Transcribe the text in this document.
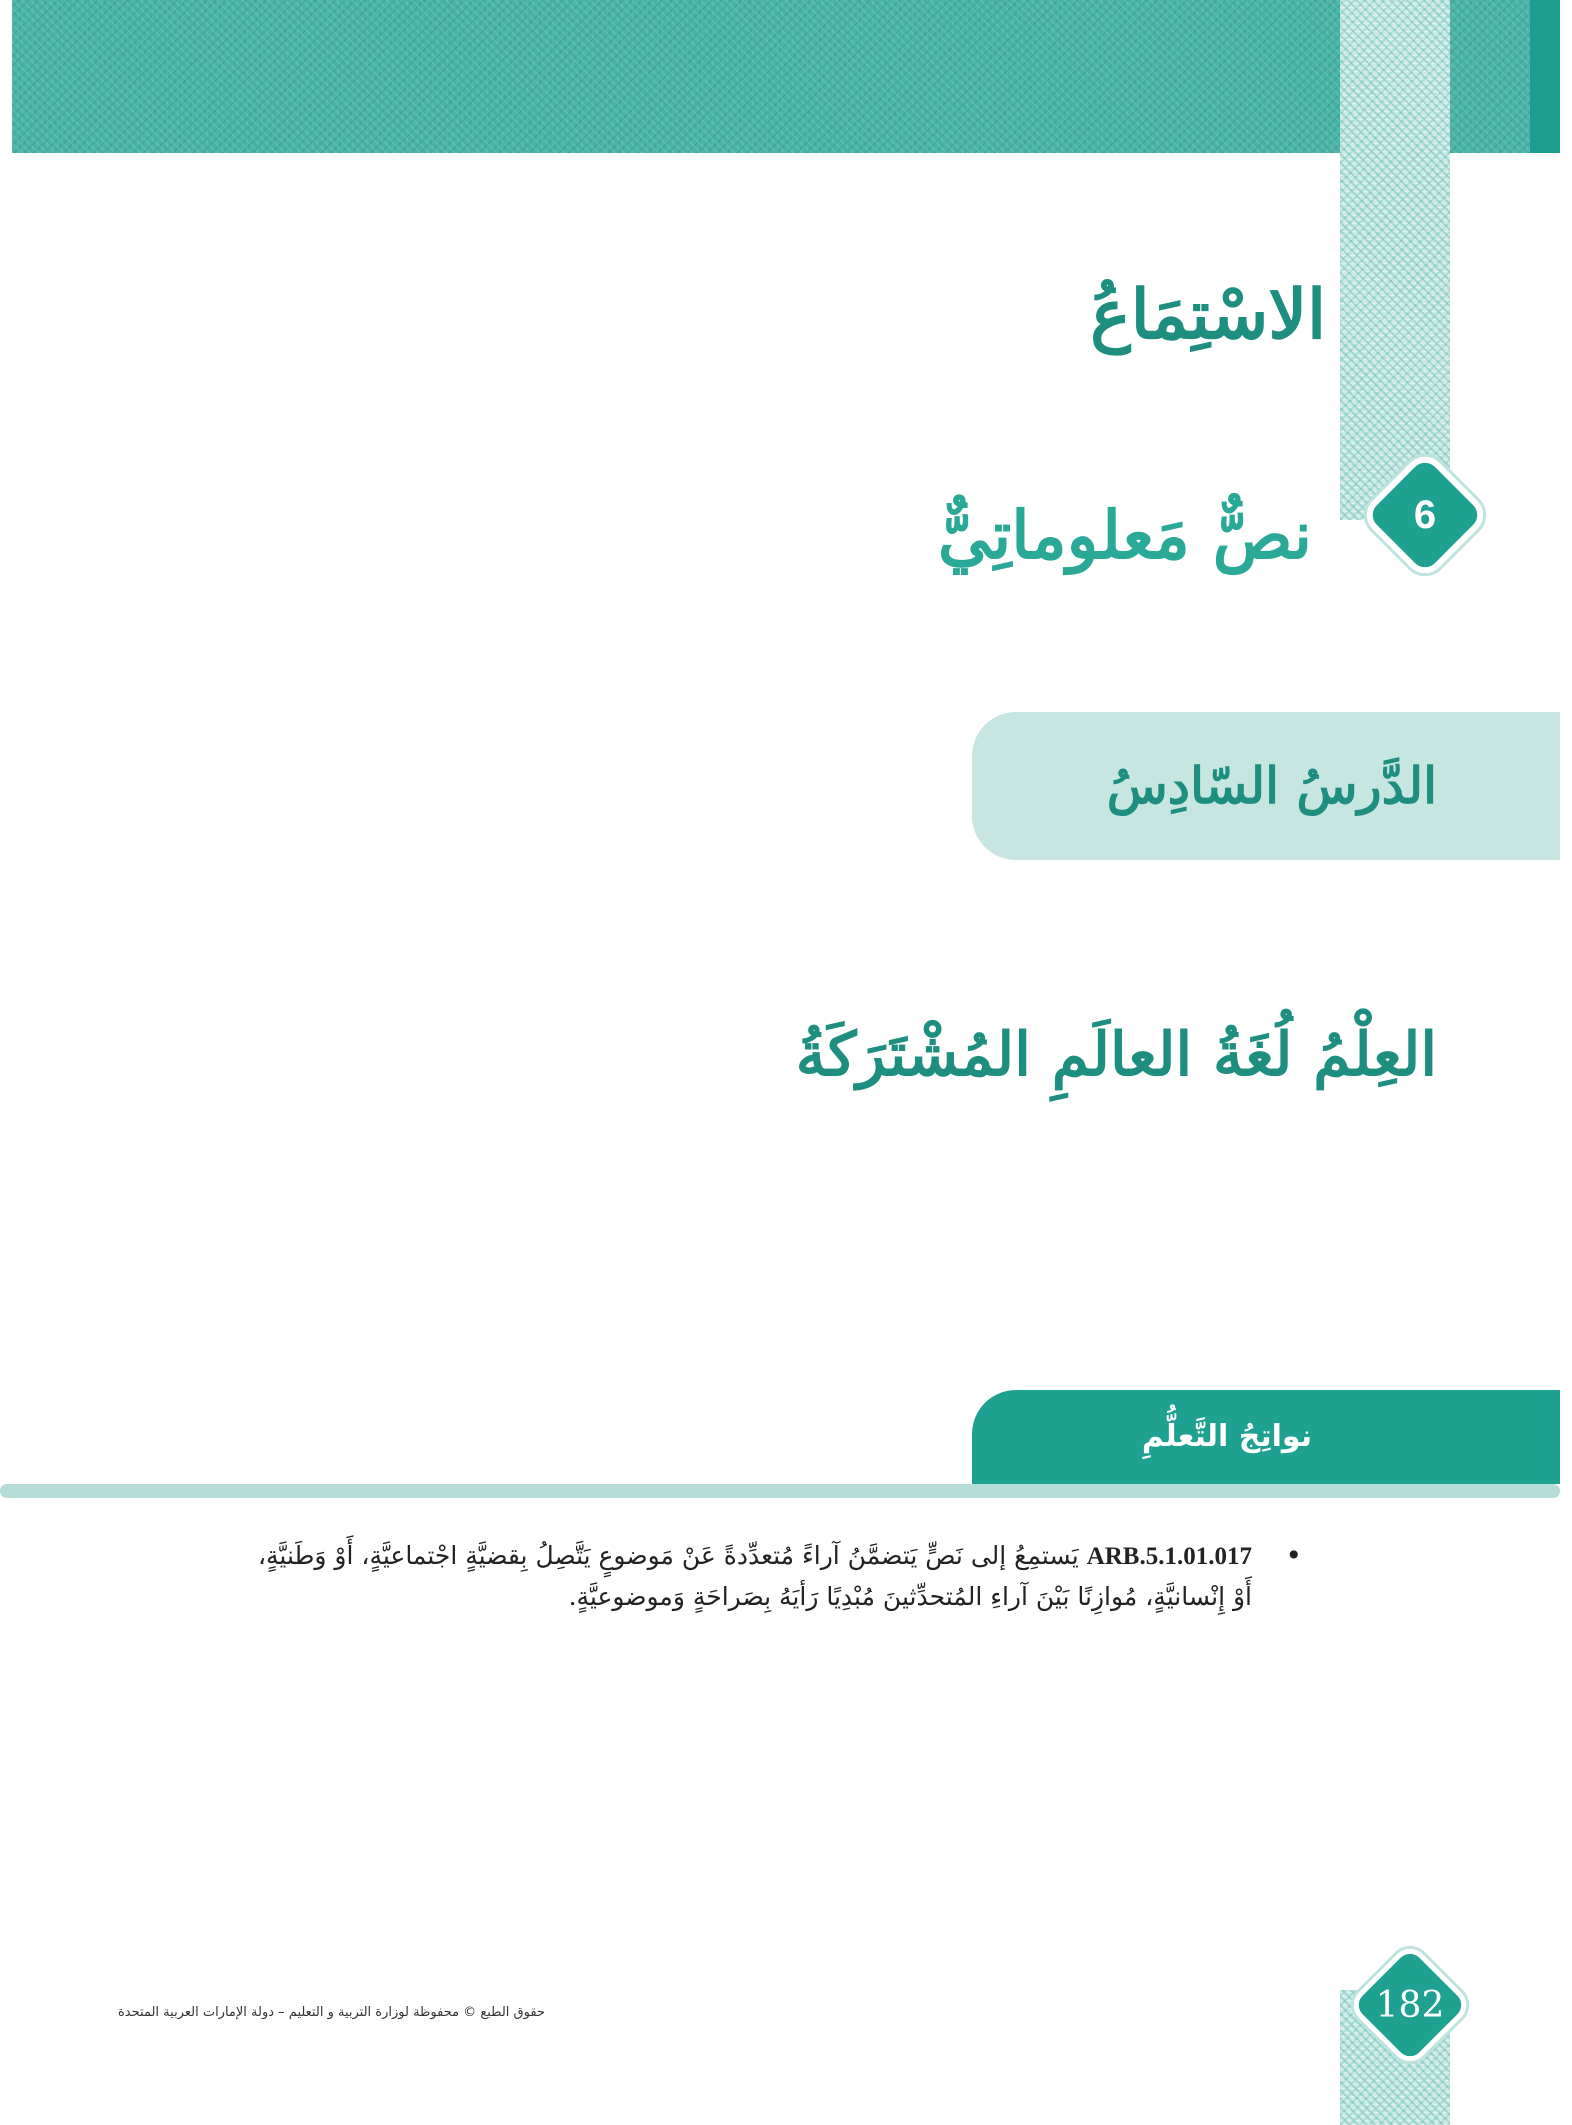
الاسْتِمَاعُ
6
نصٌّ مَعلوماتِيٌّ
الدَّرسُ السّادِسُ
العِلْمُ لُغَةُ العالَمِ المُشْتَرَكَةُ
نواتِجُ التَّعلُّمِ
•
ARB.5.1.01.017 يَستمِعُ إلى نَصٍّ يَتضمَّنُ آراءً مُتعدِّدةً عَنْ مَوضوعٍ يَتَّصِلُ بِقضيَّةٍ اجْتماعيَّةٍ، أَوْ وَطَنيَّةٍ، أَوْ إِنْسانيَّةٍ، مُوازِنًا بَيْنَ آراءِ المُتحدِّثينَ مُبْدِيًا رَأيَهُ بِصَراحَةٍ وَموضوعيَّةٍ.
182
حقوق الطبع © محفوظة لوزارة التربية و التعليم – دولة الإمارات العربية المتحدة
